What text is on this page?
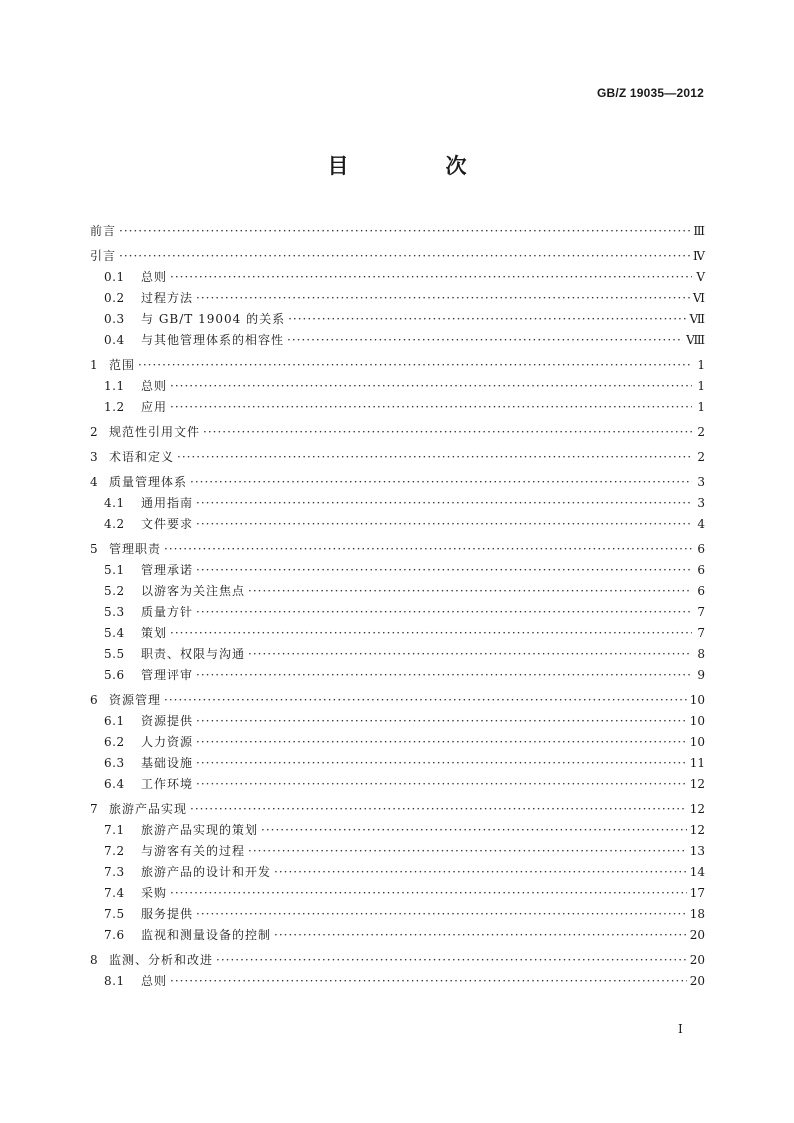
GB/Z 19035—2012
目　次
前言 ·····	Ⅲ
引言 ·····	Ⅳ
0.1	总则 ·····	Ⅴ
0.2	过程方法 ·····	Ⅵ
0.3	与 GB/T 19004 的关系 ·····	Ⅶ
0.4	与其他管理体系的相容性 ·····	Ⅷ
1 范围 ·····	1
1.1	总则 ·····	1
1.2	应用 ·····	1
2 规范性引用文件 ·····	2
3 术语和定义 ·····	2
4 质量管理体系 ·····	3
4.1	通用指南 ·····	3
4.2	文件要求 ·····	4
5 管理职责 ·····	6
5.1	管理承诺 ·····	6
5.2	以游客为关注焦点 ·····	6
5.3	质量方针 ·····	7
5.4	策划 ·····	7
5.5	职责、权限与沟通 ·····	8
5.6	管理评审 ·····	9
6 资源管理 ·····	10
6.1	资源提供 ·····	10
6.2	人力资源 ·····	10
6.3	基础设施 ·····	11
6.4	工作环境 ·····	12
7 旅游产品实现 ·····	12
7.1	旅游产品实现的策划 ·····	12
7.2	与游客有关的过程 ·····	13
7.3	旅游产品的设计和开发 ·····	14
7.4	采购 ·····	17
7.5	服务提供 ·····	18
7.6	监视和测量设备的控制 ·····	20
8 监测、分析和改进 ·····	20
8.1	总则 ·····	20
I
